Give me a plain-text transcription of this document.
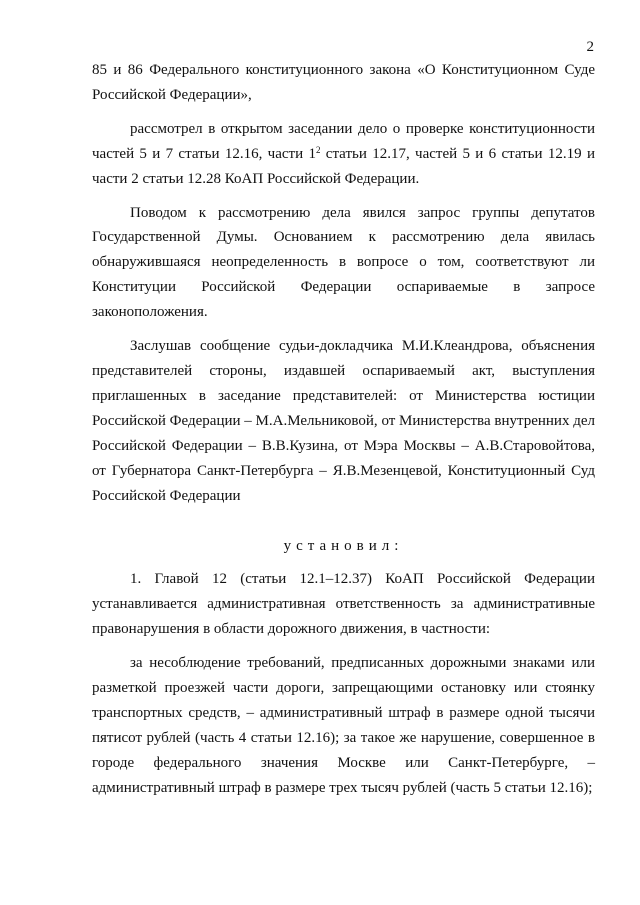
2

85 и 86 Федерального конституционного закона «О Конституционном Суде Российской Федерации»,

рассмотрел в открытом заседании дело о проверке конституционности частей 5 и 7 статьи 12.16, части $1^2$ статьи 12.17, частей 5 и 6 статьи 12.19 и части 2 статьи 12.28 КоАП Российской Федерации.

Поводом к рассмотрению дела явился запрос группы депутатов Государственной Думы. Основанием к рассмотрению дела явилась обнаружившаяся неопределенность в вопросе о том, соответствуют ли Конституции Российской Федерации оспариваемые в запросе законоположения.

Заслушав сообщение судьи-докладчика М.И.Клеандрова, объяснения представителей стороны, издавшей оспариваемый акт, выступления приглашенных в заседание представителей: от Министерства юстиции Российской Федерации – М.А.Мельниковой, от Министерства внутренних дел Российской Федерации – В.В.Кузина, от Мэра Москвы – А.В.Старовойтова, от Губернатора Санкт-Петербурга – Я.В.Мезенцевой, Конституционный Суд Российской Федерации

установил:

1. Главой 12 (статьи 12.1–12.37) КоАП Российской Федерации устанавливается административная ответственность за административные правонарушения в области дорожного движения, в частности:

за несоблюдение требований, предписанных дорожными знаками или разметкой проезжей части дороги, запрещающими остановку или стоянку транспортных средств, – административный штраф в размере одной тысячи пятисот рублей (часть 4 статьи 12.16); за такое же нарушение, совершенное в городе федерального значения Москве или Санкт-Петербурге, – административный штраф в размере трех тысяч рублей (часть 5 статьи 12.16);
